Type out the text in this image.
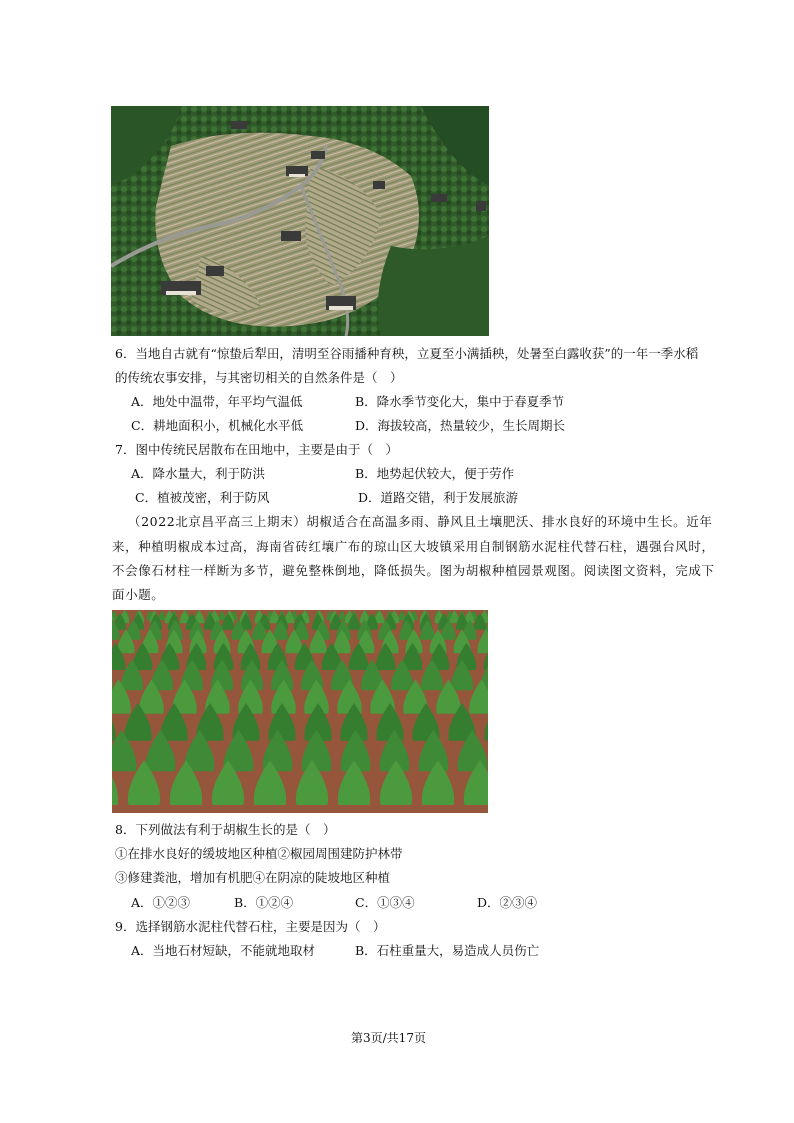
6．当地自古就有“惊蛰后犁田，清明至谷雨播种育秧，立夏至小满插秧，处暑至白露收获”的一年一季水稻
的传统农事安排，与其密切相关的自然条件是（　）
A．地处中温带，年平均气温低	B．降水季节变化大，集中于春夏季节
C．耕地面积小，机械化水平低	D．海拔较高，热量较少，生长周期长
7．图中传统民居散布在田地中，主要是由于（　）
A．降水量大，利于防洪	B．地势起伏较大，便于劳作
C．植被茂密，利于防风	D．道路交错，利于发展旅游
（2022北京昌平高三上期末）胡椒适合在高温多雨、静风且土壤肥沃、排水良好的环境中生长。近年
来，种植明椒成本过高，海南省砖红壤广布的琼山区大坡镇采用自制钢筋水泥柱代替石柱，遇强台风时，
不会像石材柱一样断为多节，避免整株倒地，降低损失。图为胡椒种植园景观图。阅读图文资料，完成下
面小题。
8．下列做法有利于胡椒生长的是（　）
①在排水良好的缓坡地区种植②椒园周围建防护林带
③修建粪池，增加有机肥④在阴凉的陡坡地区种植
A．①②③	B．①②④	C．①③④	D．②③④
9．选择钢筋水泥柱代替石柱，主要是因为（　）
A．当地石材短缺，不能就地取材	B．石柱重量大，易造成人员伤亡
第3页/共17页
